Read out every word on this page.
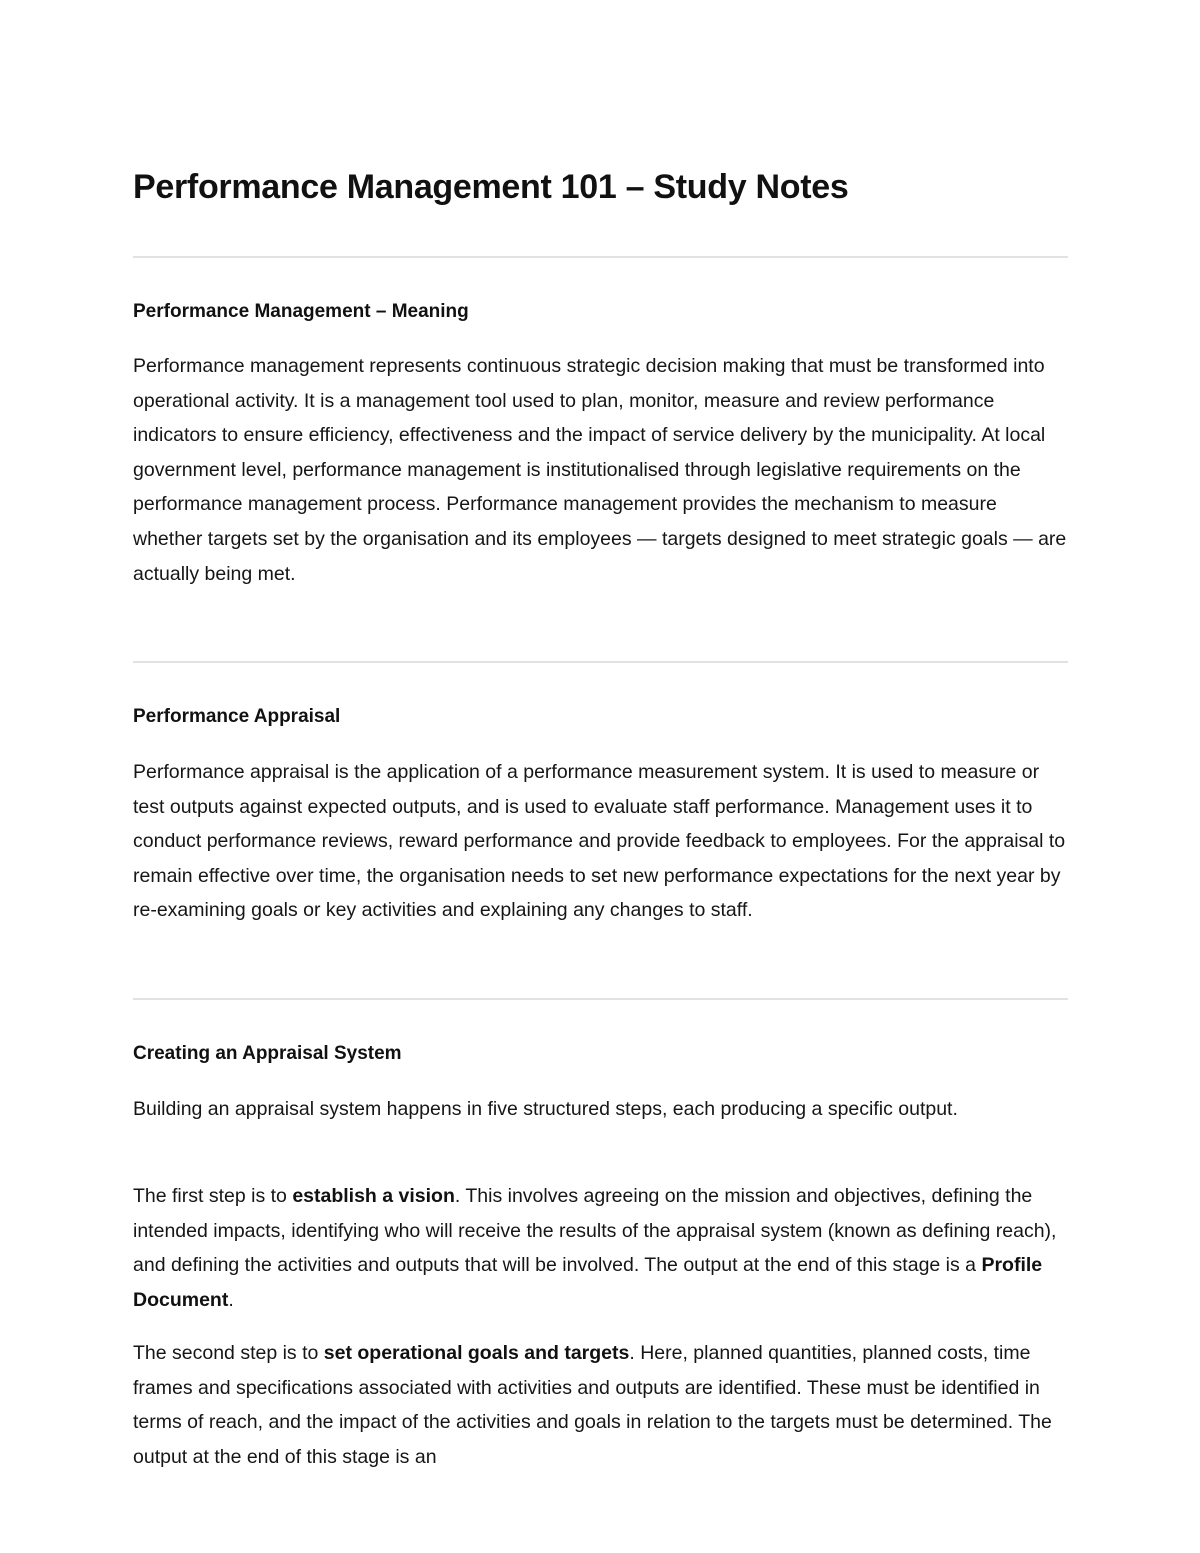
Performance Management 101 – Study Notes
Performance Management – Meaning

Performance management represents continuous strategic decision making that must be transformed into operational activity. It is a management tool used to plan, monitor, measure and review performance indicators to ensure efficiency, effectiveness and the impact of service delivery by the municipality. At local government level, performance management is institutionalised through legislative requirements on the performance management process. Performance management provides the mechanism to measure whether targets set by the organisation and its employees — targets designed to meet strategic goals — are actually being met.

Performance Appraisal

Performance appraisal is the application of a performance measurement system. It is used to measure or test outputs against expected outputs, and is used to evaluate staff performance. Management uses it to conduct performance reviews, reward performance and provide feedback to employees. For the appraisal to remain effective over time, the organisation needs to set new performance expectations for the next year by re-examining goals or key activities and explaining any changes to staff.

Creating an Appraisal System

Building an appraisal system happens in five structured steps, each producing a specific output.

The first step is to establish a vision. This involves agreeing on the mission and objectives, defining the intended impacts, identifying who will receive the results of the appraisal system (known as defining reach), and defining the activities and outputs that will be involved. The output at the end of this stage is a Profile Document.

The second step is to set operational goals and targets. Here, planned quantities, planned costs, time frames and specifications associated with activities and outputs are identified. These must be identified in terms of reach, and the impact of the activities and goals in relation to the targets must be determined. The output at the end of this stage is an
